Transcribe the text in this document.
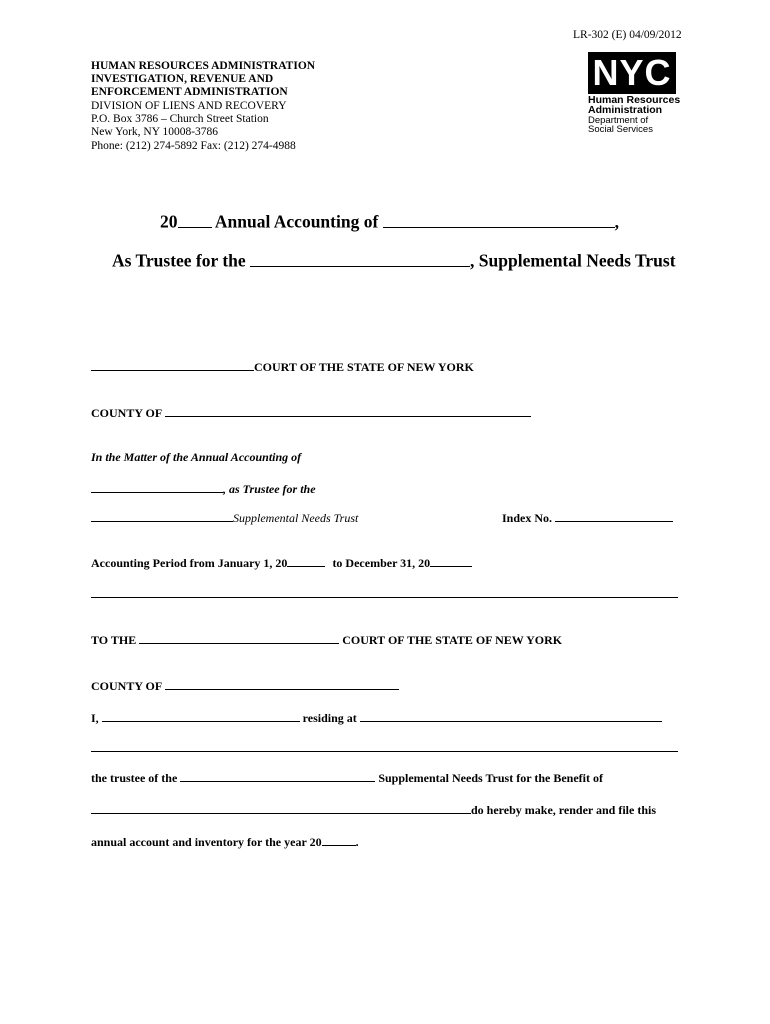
LR-302 (E) 04/09/2012
HUMAN RESOURCES ADMINISTRATION
INVESTIGATION, REVENUE AND
ENFORCEMENT ADMINISTRATION
DIVISION OF LIENS AND RECOVERY
P.O. Box 3786 – Church Street Station
New York, NY 10008-3786
Phone: (212) 274-5892 Fax: (212) 274-4988
NYC
Human Resources
Administration
Department of
Social Services
20 Annual Accounting of	,
As Trustee for the	, Supplemental Needs Trust
COURT OF THE STATE OF NEW YORK
COUNTY OF
In the Matter of the Annual Accounting of
, as Trustee for the
Supplemental Needs Trust	Index No.
Accounting Period from January 1, 20	to December 31, 20
TO THE	COURT OF THE STATE OF NEW YORK
COUNTY OF
I,	residing at
the trustee of the	Supplemental Needs Trust for the Benefit of
do hereby make, render and file this
annual account and inventory for the year 20	.
